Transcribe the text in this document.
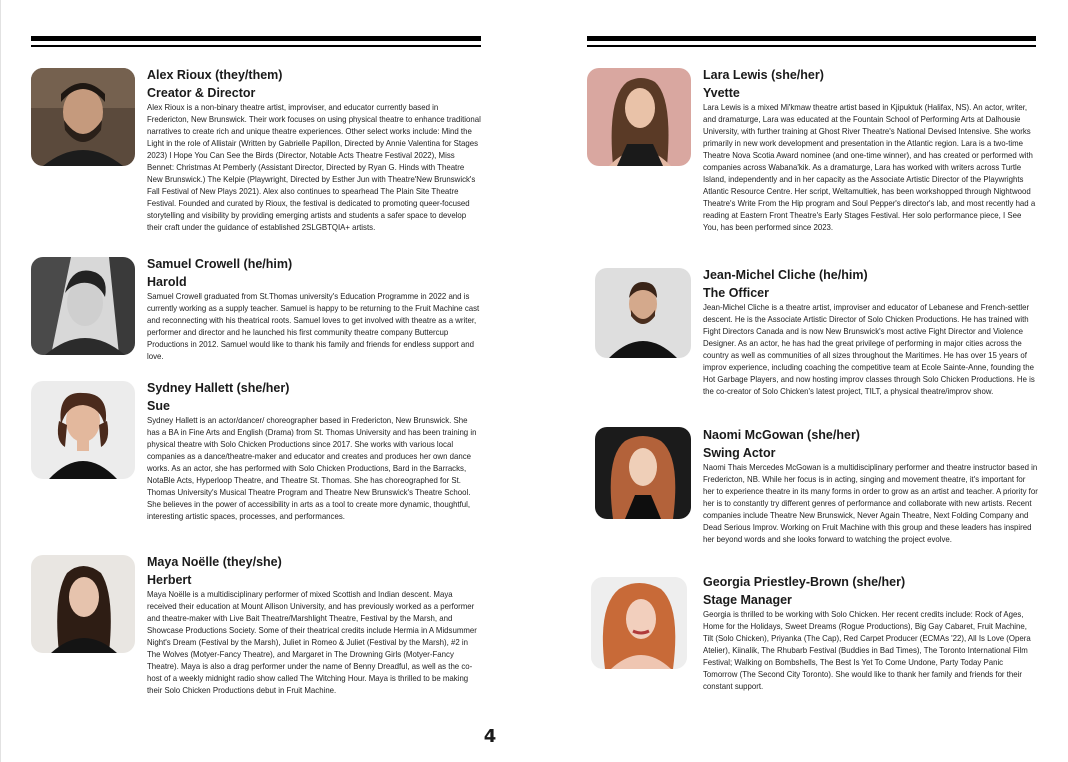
Alex Rioux (they/them)

Creator & Director

Alex Rioux is a non-binary theatre artist, improviser, and educator currently based in Fredericton, New Brunswick. Their work focuses on using physical theatre to enhance traditional narratives to create rich and unique theatre experiences. Other select works include: Mind the Light in the role of Allistair (Written by Gabrielle Papillon, Directed by Annie Valentina for Stages 2023) I Hope You Can See the Birds (Director, Notable Acts Theatre Festival 2022), Miss Bennet: Christmas At Pemberly (Assistant Director, Directed by Ryan G. Hinds with Theatre New Brunswick.) The Kelpie (Playwright, Directed by Esther Jun with Theatre'New Brunswick's Fall Festival of New Plays 2021). Alex also continues to spearhead The Plain Site Theatre Festival. Founded and curated by Rioux, the festival is dedicated to promoting queer-focused storytelling and visibility by providing emerging artists and students a safer space to develop their craft under the guidance of established 2SLGBTQIA+ artists.

Samuel Crowell (he/him)

Harold

Samuel Crowell graduated from St.Thomas university's Education Programme in 2022 and is currently working as a supply teacher. Samuel is happy to be returning to the Fruit Machine cast and reconnecting with his theatrical roots. Samuel loves to get involved with theatre as a writer, performer and director and he launched his first community theatre company Buttercup Productions in 2012. Samuel would like to thank his family and friends for endless support and love.

Sydney Hallett (she/her)

Sue

Sydney Hallett is an actor/dancer/ choreographer based in Fredericton, New Brunswick. She has a BA in Fine Arts and English (Drama) from St. Thomas University and has been training in physical theatre with Solo Chicken Productions since 2017. She works with various local companies as a dance/theatre-maker and educator and creates and produces her own dance works. As an actor, she has performed with Solo Chicken Productions, Bard in the Barracks, NotaBle Acts, Hyperloop Theatre, and Theatre St. Thomas. She has choreographed for St. Thomas University's Musical Theatre Program and Theatre New Brunswick's Theatre School. She believes in the power of accessibility in arts as a tool to create more dynamic, thoughtful, interesting artistic spaces, processes, and performances.

Maya Noëlle (they/she)

Herbert

Maya Noëlle is a multidisciplinary performer of mixed Scottish and Indian descent. Maya received their education at Mount Allison University, and has previously worked as a performer and theatre-maker with Live Bait Theatre/Marshlight Theatre, Festival by the Marsh, and Showcase Productions Society. Some of their theatrical credits include Hermia in A Midsummer Night's Dream (Festival by the Marsh), Juliet in Romeo & Juliet (Festival by the Marsh), #2 in The Wolves (Motyer-Fancy Theatre), and Margaret in The Drowning Girls (Motyer-Fancy Theatre). Maya is also a drag performer under the name of Benny Dreadful, as well as the co-host of a weekly midnight radio show called The Witching Hour. Maya is thrilled to be making their Solo Chicken Productions debut in Fruit Machine.

Lara Lewis (she/her)

Yvette

Lara Lewis is a mixed Mi'kmaw theatre artist based in Kjipuktuk (Halifax, NS). An actor, writer, and dramaturge, Lara was educated at the Fountain School of Performing Arts at Dalhousie University, with further training at Ghost River Theatre's National Devised Intensive. She works primarily in new work development and presentation in the Atlantic region. Lara is a two-time Theatre Nova Scotia Award nominee (and one-time winner), and has created or performed with companies across Wabana'kik. As a dramaturge, Lara has worked with writers across Turtle Island, independently and in her capacity as the Associate Artistic Director of the Playwrights Atlantic Resource Centre. Her script, Weltamultiek, has been workshopped through Nightwood Theatre's Write From the Hip program and Soul Pepper's director's lab, and most recently had a reading at Eastern Front Theatre's Early Stages Festival. Her solo performance piece, I See You, has been performed since 2023.

Jean-Michel Cliche (he/him)

The Officer

Jean-Michel Cliche is a theatre artist, improviser and educator of Lebanese and French-settler descent. He is the Associate Artistic Director of Solo Chicken Productions. He has trained with Fight Directors Canada and is now New Brunswick's most active Fight Director and Violence Designer. As an actor, he has had the great privilege of performing in major cities across the country as well as communities of all sizes throughout the Maritimes. He has over 15 years of improv experience, including coaching the competitive team at Ecole Sainte-Anne, founding the Hot Garbage Players, and now hosting improv classes through Solo Chicken Productions. He is the co-creator of Solo Chicken's latest project, TILT, a physical theatre/improv show.

Naomi McGowan (she/her)

Swing Actor

Naomi Thais Mercedes McGowan is a multidisciplinary performer and theatre instructor based in Fredericton, NB. While her focus is in acting, singing and movement theatre, it's important for her to experience theatre in its many forms in order to grow as an artist and teacher. A priority for her is to constantly try different genres of performance and collaborate with new artists. Recent companies include Theatre New Brunswick, Never Again Theatre, Next Folding Company and Dead Serious Improv. Working on Fruit Machine with this group and these leaders has inspired her beyond words and she looks forward to watching the project evolve.

Georgia Priestley-Brown (she/her)

Stage Manager

Georgia is thrilled to be working with Solo Chicken. Her recent credits include: Rock of Ages, Home for the Holidays, Sweet Dreams (Rogue Productions), Big Gay Cabaret, Fruit Machine, Tilt (Solo Chicken), Priyanka (The Cap), Red Carpet Producer (ECMAs '22), All Is Love (Opera Atelier), Kiinalik, The Rhubarb Festival (Buddies in Bad Times), The Toronto International Film Festival; Walking on Bombshells, The Best Is Yet To Come Undone, Party Today Panic Tomorrow (The Second City Toronto). She would like to thank her family and friends for their constant support.

4
